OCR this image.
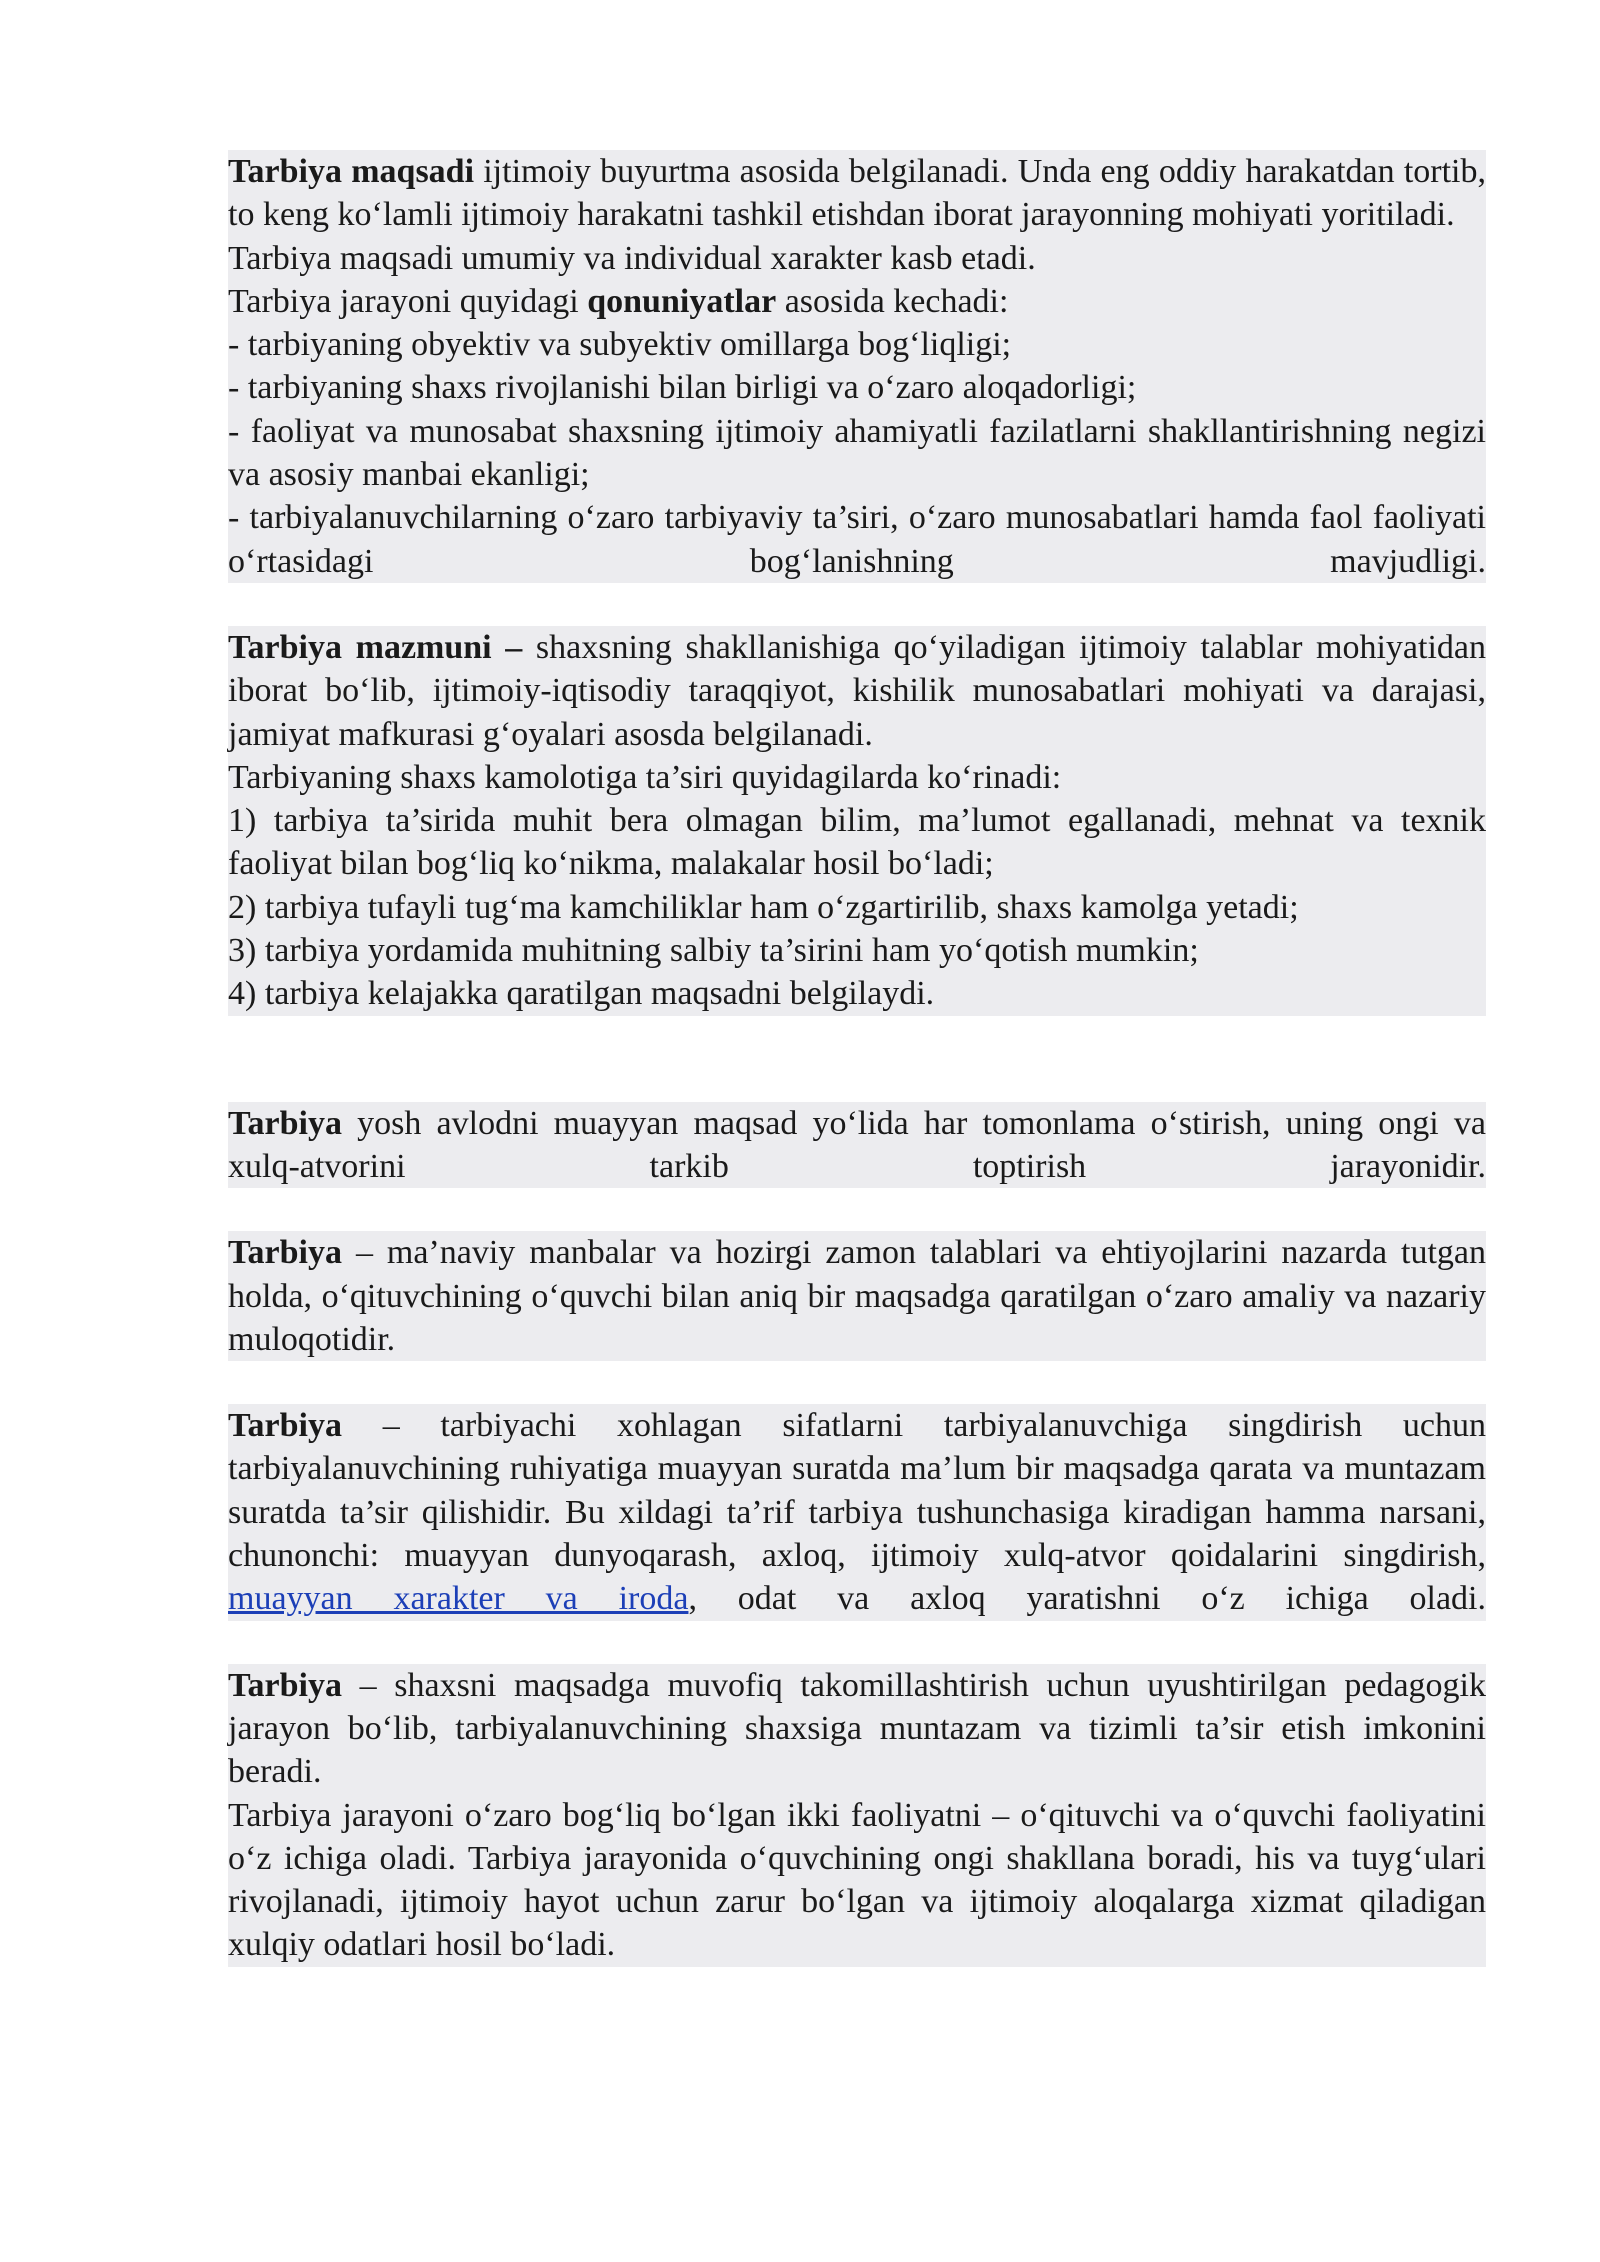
Tarbiya maqsadi ijtimoiy buyurtma asosida belgilanadi. Unda eng oddiy harakatdan tortib, to keng ko‘lamli ijtimoiy harakatni tashkil etishdan iborat jarayonning mohiyati yoritiladi.

Tarbiya maqsadi umumiy va individual xarakter kasb etadi.

Tarbiya jarayoni quyidagi qonuniyatlar asosida kechadi:

- tarbiyaning obyektiv va subyektiv omillarga bog‘liqligi;

- tarbiyaning shaxs rivojlanishi bilan birligi va o‘zaro aloqadorligi;

- faoliyat va munosabat shaxsning ijtimoiy ahamiyatli fazilatlarni shakllantirishning negizi va asosiy manbai ekanligi;

- tarbiyalanuvchilarning o‘zaro tarbiyaviy ta’siri, o‘zaro munosabatlari hamda faol faoliyati o‘rtasidagi bog‘lanishning mavjudligi.

Tarbiya mazmuni – shaxsning shakllanishiga qo‘yiladigan ijtimoiy talablar mohiyatidan iborat bo‘lib, ijtimoiy-iqtisodiy taraqqiyot, kishilik munosabatlari mohiyati va darajasi, jamiyat mafkurasi g‘oyalari asosda belgilanadi.

Tarbiyaning shaxs kamolotiga ta’siri quyidagilarda ko‘rinadi:

1) tarbiya ta’sirida muhit bera olmagan bilim, ma’lumot egallanadi, mehnat va texnik faoliyat bilan bog‘liq ko‘nikma, malakalar hosil bo‘ladi;

2) tarbiya tufayli tug‘ma kamchiliklar ham o‘zgartirilib, shaxs kamolga yetadi;

3) tarbiya yordamida muhitning salbiy ta’sirini ham yo‘qotish mumkin;

4) tarbiya kelajakka qaratilgan maqsadni belgilaydi.

Tarbiya yosh avlodni muayyan maqsad yo‘lida har tomonlama o‘stirish, uning ongi va xulq-atvorini tarkib toptirish jarayonidir.

Tarbiya – ma’naviy manbalar va hozirgi zamon talablari va ehtiyojlarini nazarda tutgan holda, o‘qituvchining o‘quvchi bilan aniq bir maqsadga qaratilgan o‘zaro amaliy va nazariy muloqotidir.

Tarbiya – tarbiyachi xohlagan sifatlarni tarbiyalanuvchiga singdirish uchun tarbiyalanuvchining ruhiyatiga muayyan suratda ma’lum bir maqsadga qarata va muntazam suratda ta’sir qilishidir. Bu xildagi ta’rif tarbiya tushunchasiga kiradigan hamma narsani, chunonchi: muayyan dunyoqarash, axloq, ijtimoiy xulq-atvor qoidalarini singdirish, muayyan xarakter va iroda, odat va axloq yaratishni o‘z ichiga oladi.

Tarbiya – shaxsni maqsadga muvofiq takomillashtirish uchun uyushtirilgan pedagogik jarayon bo‘lib, tarbiyalanuvchining shaxsiga muntazam va tizimli ta’sir etish imkonini beradi.

Tarbiya jarayoni o‘zaro bog‘liq bo‘lgan ikki faoliyatni – o‘qituvchi va o‘quvchi faoliyatini o‘z ichiga oladi. Tarbiya jarayonida o‘quvchining ongi shakllana boradi, his va tuyg‘ulari rivojlanadi, ijtimoiy hayot uchun zarur bo‘lgan va ijtimoiy aloqalarga xizmat qiladigan xulqiy odatlari hosil bo‘ladi.
